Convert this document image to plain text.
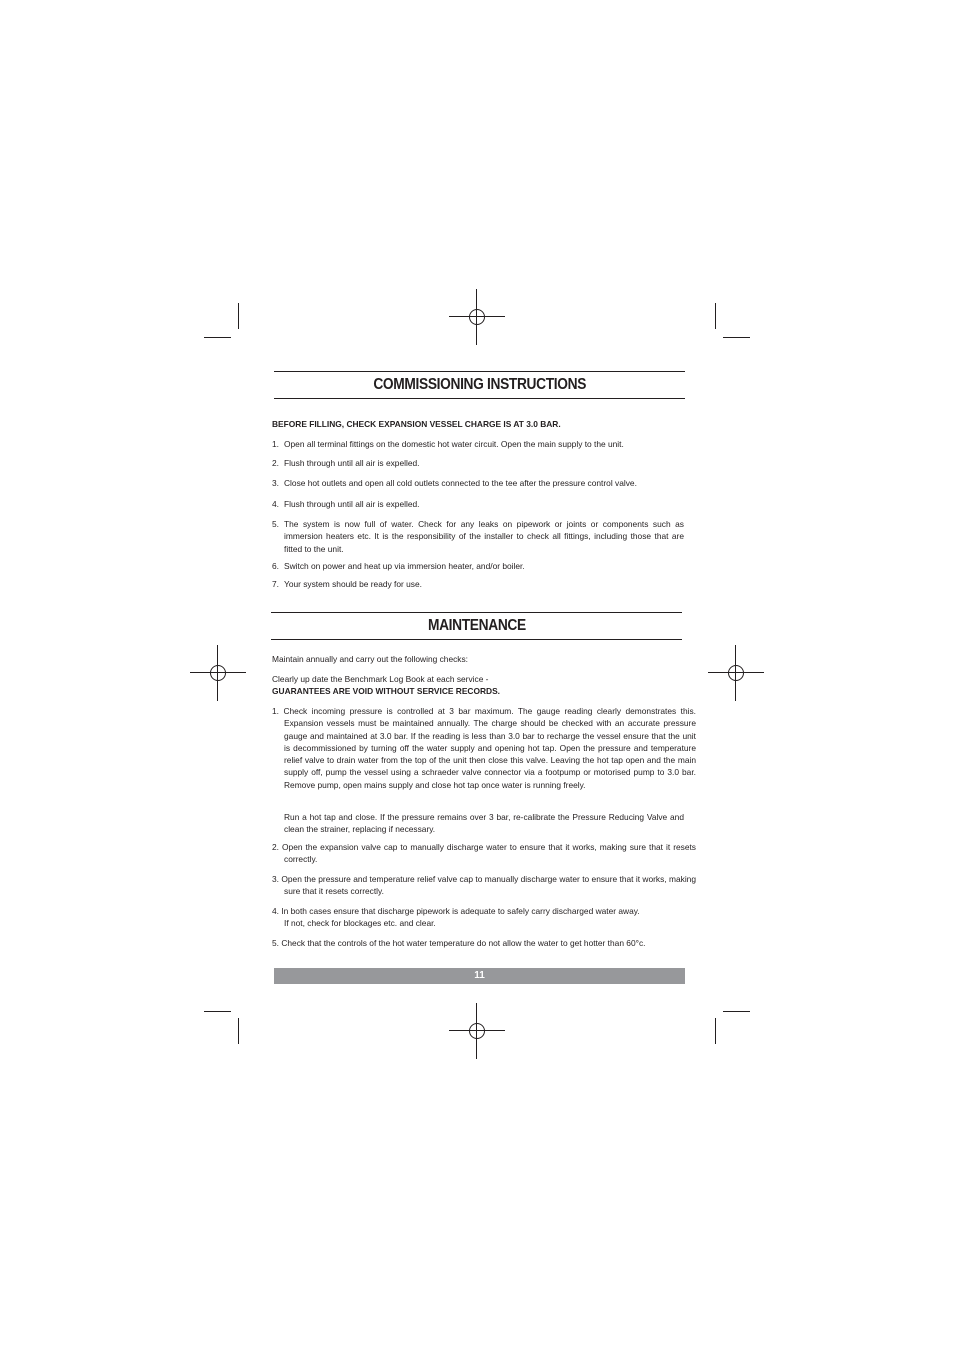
COMMISSIONING INSTRUCTIONS
BEFORE FILLING, CHECK EXPANSION VESSEL CHARGE IS AT 3.0 BAR.
1. Open all terminal fittings on the domestic hot water circuit. Open the main supply to the unit.
2. Flush through until all air is expelled.
3. Close hot outlets and open all cold outlets connected to the tee after the pressure control valve.
4. Flush through until all air is expelled.
5. The system is now full of water. Check for any leaks on pipework or joints or components such as immersion heaters etc. It is the responsibility of the installer to check all fittings, including those that are fitted to the unit.
6. Switch on power and heat up via immersion heater, and/or boiler.
7. Your system should be ready for use.
MAINTENANCE
Maintain annually and carry out the following checks:
Clearly up date the Benchmark Log Book at each service -
GUARANTEES ARE VOID WITHOUT SERVICE RECORDS.
1. Check incoming pressure is controlled at 3 bar maximum. The gauge reading clearly demonstrates this. Expansion vessels must be maintained annually. The charge should be checked with an accurate pressure gauge and maintained at 3.0 bar. If the reading is less than 3.0 bar to recharge the vessel ensure that the unit is decommissioned by turning off the water supply and opening hot tap. Open the pressure and temperature relief valve to drain water from the top of the unit then close this valve. Leaving the hot tap open and the main supply off, pump the vessel using a schraeder valve connector via a footpump or motorised pump to 3.0 bar. Remove pump, open mains supply and close hot tap once water is running freely.
Run a hot tap and close. If the pressure remains over 3 bar, re-calibrate the Pressure Reducing Valve and clean the strainer, replacing if necessary.
2. Open the expansion valve cap to manually discharge water to ensure that it works, making sure that it resets correctly.
3. Open the pressure and temperature relief valve cap to manually discharge water to ensure that it works, making sure that it resets correctly.
4. In both cases ensure that discharge pipework is adequate to safely carry discharged water away.
If not, check for blockages etc. and clear.
5. Check that the controls of the hot water temperature do not allow the water to get hotter than 60°c.
11
